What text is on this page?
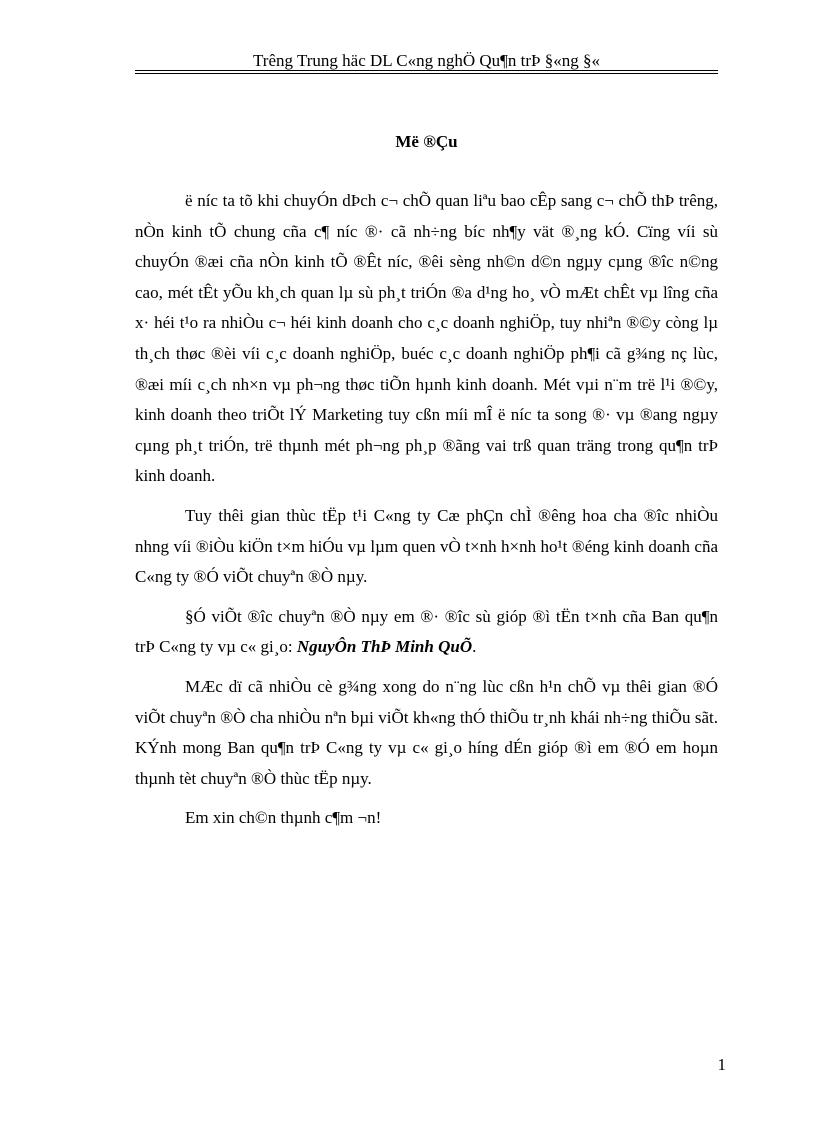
Trêng Trung häc DL C«ng nghÖ Qu¶n trÞ §«ng §«
Më ®Çu

ë níc ta tõ khi chuyÓn dÞch c¬ chÕ quan liªu bao cÊp sang c¬ chÕ thÞ trêng, nÒn kinh tÕ chung cña c¶ níc ®· cã nh÷ng bíc nh¶y vät ®¸ng kÓ. Cïng víi sù chuyÓn ®æi cña nÒn kinh tÕ ®Êt níc, ®êi sèng nh©n d©n ngµy cµng ®îc n©ng cao, mét tÊt yÕu kh¸ch quan lµ sù ph¸t triÓn ®a d¹ng ho¸ vÒ mÆt chÊt vµ lîng cña x· héi t¹o ra nhiÒu c¬ héi kinh doanh cho c¸c doanh nghiÖp, tuy nhiªn ®©y còng lµ th¸ch thøc ®èi víi c¸c doanh nghiÖp, buéc c¸c doanh nghiÖp ph¶i cã g¾ng nç lùc, ®æi míi c¸ch nh×n vµ ph¬ng thøc tiÕn hµnh kinh doanh. Mét vµi n¨m trë l¹i ®©y, kinh doanh theo triÕt lÝ Marketing tuy cßn míi mÎ ë níc ta song ®· vµ ®ang ngµy cµng ph¸t triÓn, trë thµnh mét ph¬ng ph¸p ®ãng vai trß quan träng trong qu¶n trÞ kinh doanh.

Tuy thêi gian thùc tËp t¹i C«ng ty Cæ phÇn chÌ ®êng hoa cha ®îc nhiÒu nhng víi ®iÒu kiÖn t×m hiÓu vµ lµm quen vÒ t×nh h×nh ho¹t ®éng kinh doanh cña C«ng ty ®Ó viÕt chuyªn ®Ò nµy.

§Ó viÕt ®îc chuyªn ®Ò nµy em ®· ®îc sù gióp ®ì tËn t×nh cña Ban qu¶n trÞ C«ng ty vµ c« gi¸o: NguyÔn ThÞ Minh QuÕ.

MÆc dï cã nhiÒu cè g¾ng xong do n¨ng lùc cßn h¹n chÕ vµ thêi gian ®Ó viÕt chuyªn ®Ò cha nhiÒu nªn bµi viÕt kh«ng thÓ thiÕu tr¸nh khái nh÷ng thiÕu sãt. KÝnh mong Ban qu¶n trÞ C«ng ty vµ c« gi¸o híng dÉn gióp ®ì em ®Ó em hoµn thµnh tèt chuyªn ®Ò thùc tËp nµy.

Em xin ch©n thµnh c¶m ¬n!

1
